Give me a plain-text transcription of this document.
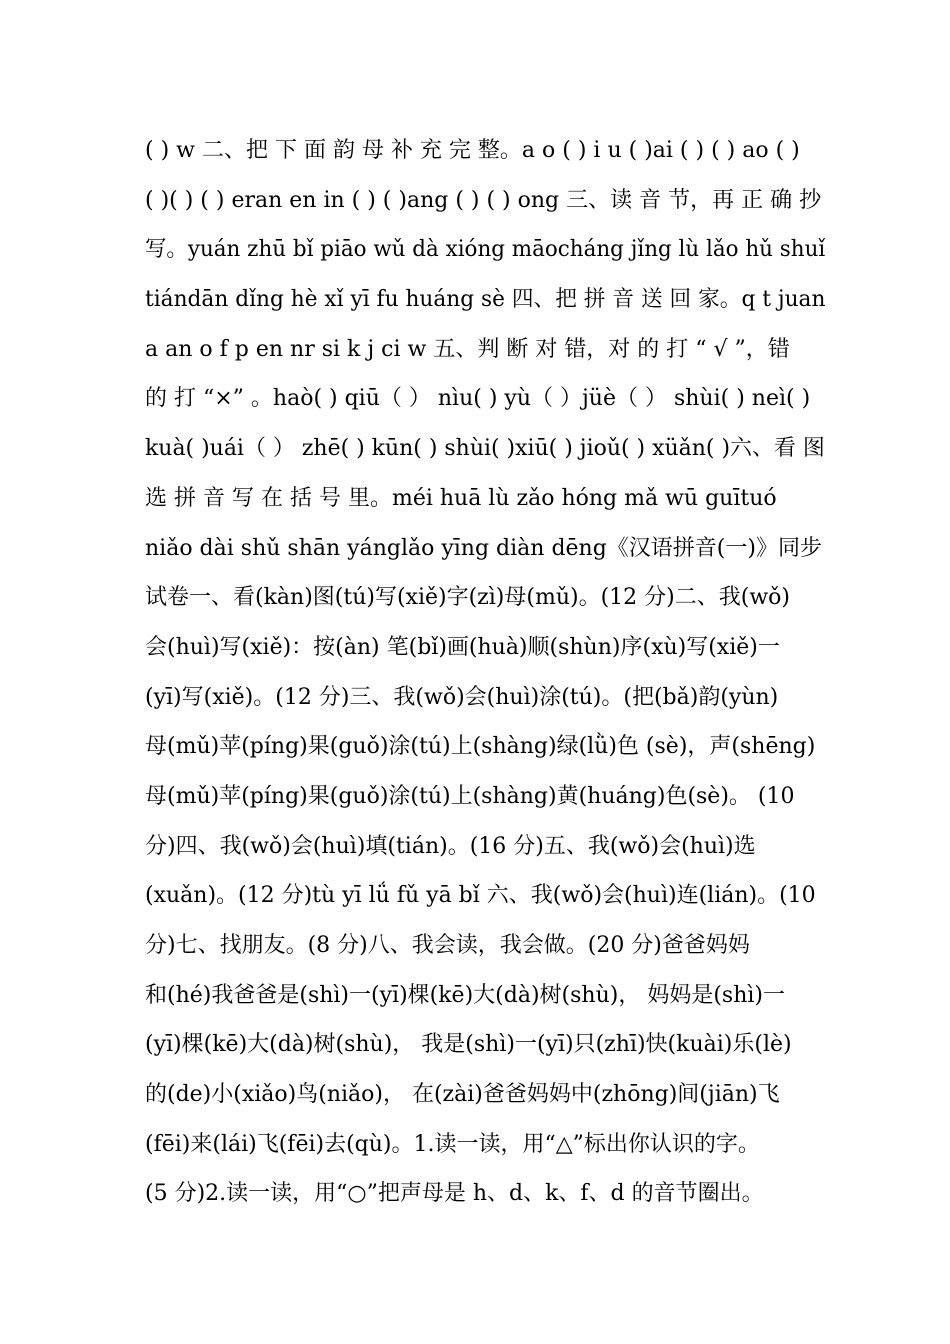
( ) w 二、把 下 面 韵 母 补 充 完 整。a o ( ) i u ( )ai ( ) ( ) ao ( )
( )( ) ( ) eran en in ( ) ( )ang ( ) ( ) ong 三、读 音 节，再 正 确 抄
写。yuán zhū bǐ piāo wǔ dà xióng māocháng jǐng lù lǎo hǔ shuǐ
tiándān dǐng hè xǐ yī fu huáng sè 四、把 拼 音 送 回 家。q t juan
a an o f p en nr si k j ci w 五、判 断 对 错，对 的 打 “ √ ”，错
的 打 “×” 。haò( ) qiū（ ） nìu( ) yù（ ）jüè（ ） shùi( ) neì( )
kuà( )uái（ ） zhē( ) kūn( ) shùi( )xiū( ) jioǔ( ) xüǎn( )六、看 图
选 拼 音 写 在 括 号 里。méi huā lù zǎo hóng mǎ wū guītuó
niǎo dài shǔ shān yánglǎo yīng diàn dēng《汉语拼音(一)》同步
试卷一、看(kàn)图(tú)写(xiě)字(zì)母(mǔ)。(12 分)二、我(wǒ)
会(huì)写(xiě)：按(àn) 笔(bǐ)画(huà)顺(shùn)序(xù)写(xiě)一
(yī)写(xiě)。(12 分)三、我(wǒ)会(huì)涂(tú)。(把(bǎ)韵(yùn)
母(mǔ)苹(píng)果(guǒ)涂(tú)上(shàng)绿(lǜ)色 (sè)，声(shēng)
母(mǔ)苹(píng)果(guǒ)涂(tú)上(shàng)黄(huáng)色(sè)。 (10
分)四、我(wǒ)会(huì)填(tián)。(16 分)五、我(wǒ)会(huì)选
(xuǎn)。(12 分)tù yī lǘ fǔ yā bǐ 六、我(wǒ)会(huì)连(lián)。(10
分)七、找朋友。(8 分)八、我会读，我会做。(20 分)爸爸妈妈
和(hé)我爸爸是(shì)一(yī)棵(kē)大(dà)树(shù)， 妈妈是(shì)一
(yī)棵(kē)大(dà)树(shù)， 我是(shì)一(yī)只(zhī)快(kuài)乐(lè)
的(de)小(xiǎo)鸟(niǎo)， 在(zài)爸爸妈妈中(zhōng)间(jiān)飞
(fēi)来(lái)飞(fēi)去(qù)。1.读一读，用“△”标出你认识的字。
(5 分)2.读一读，用“○”把声母是 h、d、k、f、d 的音节圈出。
